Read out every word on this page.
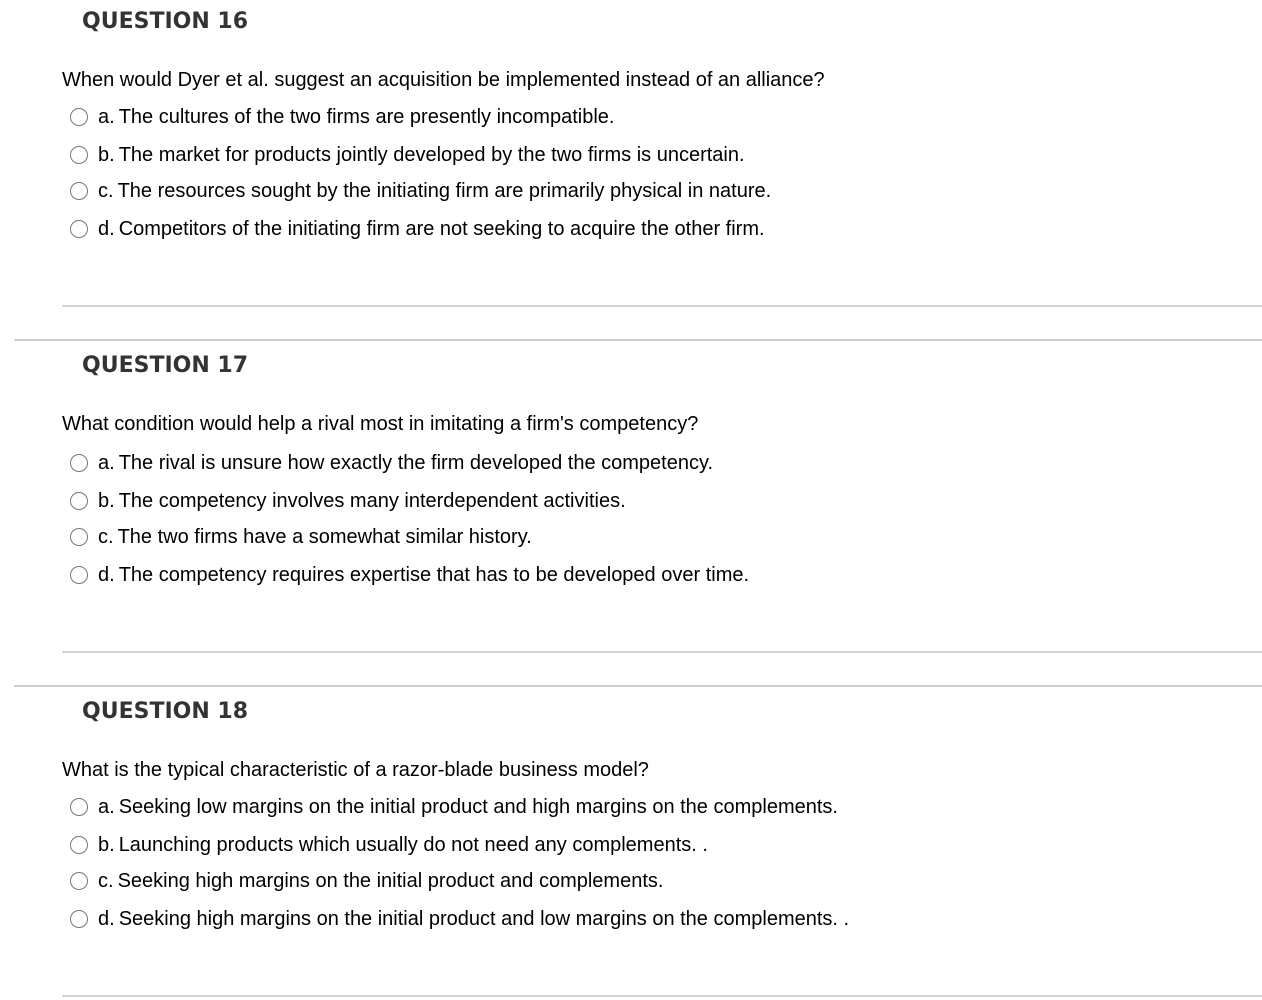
QUESTION 16
When would Dyer et al. suggest an acquisition be implemented instead of an alliance?
a. The cultures of the two firms are presently incompatible.
b. The market for products jointly developed by the two firms is uncertain.
c. The resources sought by the initiating firm are primarily physical in nature.
d. Competitors of the initiating firm are not seeking to acquire the other firm.
QUESTION 17
What condition would help a rival most in imitating a firm's competency?
a. The rival is unsure how exactly the firm developed the competency.
b. The competency involves many interdependent activities.
c. The two firms have a somewhat similar history.
d. The competency requires expertise that has to be developed over time.
QUESTION 18
What is the typical characteristic of a razor-blade business model?
a. Seeking low margins on the initial product and high margins on the complements.
b. Launching products which usually do not need any complements. .
c. Seeking high margins on the initial product and complements.
d. Seeking high margins on the initial product and low margins on the complements. .
